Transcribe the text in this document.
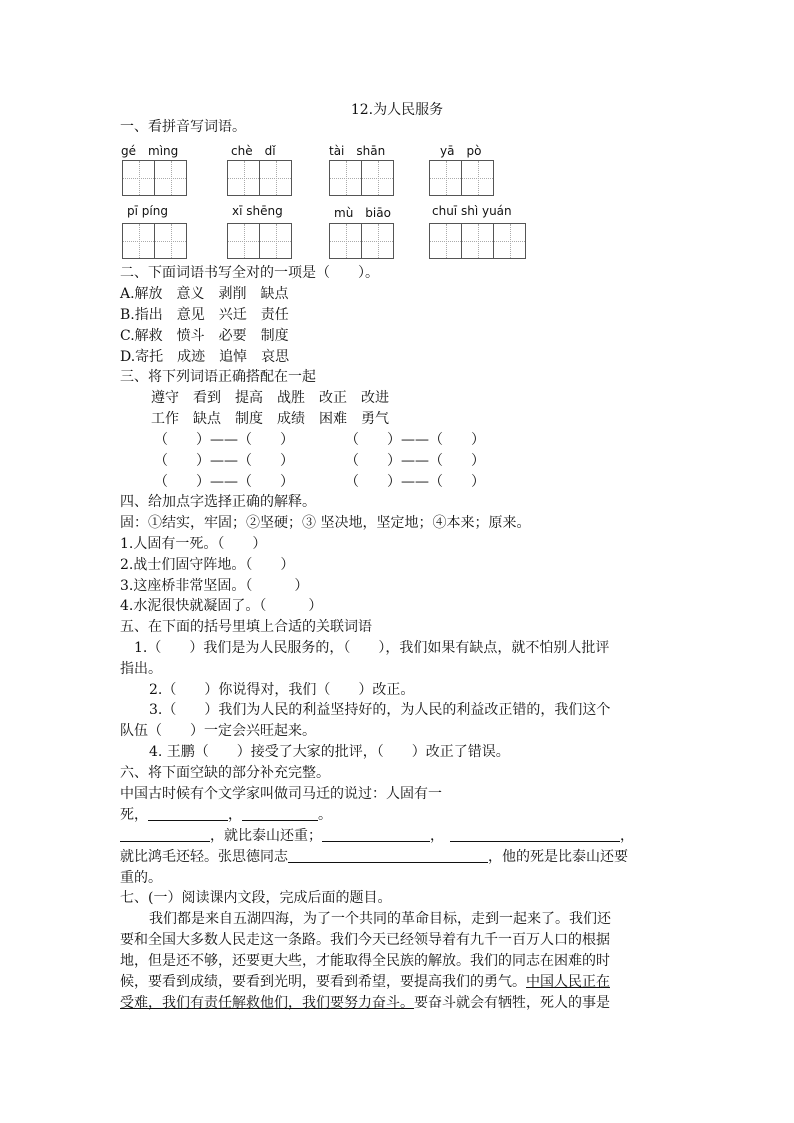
12.为人民服务
一、看拼音写词语。
gé　mìng	chè　dǐ	tài　shān	yā　pò
pī píng	xī shēng	mù　biāo	chuī shì yuán
二、下面词语书写全对的一项是（　　）。
A.解放　意义　剥削　缺点
B.指出　意见　兴迁　责任
C.解救　愤斗　必要　制度
D.寄托　成迹　追悼　哀思
三、将下列词语正确搭配在一起
遵守　看到　提高　战胜　改正　改进
工作　缺点　制度　成绩　困难　勇气
（　　）——（　　）	（　　）——（　　）
（　　）——（　　）	（　　）——（　　）
（　　）——（　　）	（　　）——（　　）
四、给加点字选择正确的解释。
固：①结实，牢固；②坚硬；③ 坚决地，坚定地；④本来；原来。
1.人固有一死。（　　）
2.战士们固守阵地。（　　）
3.这座桥非常坚固。（　　　）
4.水泥很快就凝固了。（　　　）
五、在下面的括号里填上合适的关联词语
1.（　　）我们是为人民服务的，（　　），我们如果有缺点，就不怕别人批评
指出。
2.（　　）你说得对，我们（　　）改正。
3.（　　）我们为人民的利益坚持好的，为人民的利益改正错的，我们这个
队伍（　　）一定会兴旺起来。
4. 王鹏（　　）接受了大家的批评，（　　）改正了错误。
六、将下面空缺的部分补充完整。
中国古时候有个文学家叫做司马迁的说过：人固有一
死，	，	。
，就比泰山还重；	，	，
就比鸿毛还轻。张思德同志	，他的死是比泰山还要
重的。
七、(一）阅读课内文段，完成后面的题目。
我们都是来自五湖四海，为了一个共同的革命目标，走到一起来了。我们还
要和全国大多数人民走这一条路。我们今天已经领导着有九千一百万人口的根据
地，但是还不够，还要更大些，才能取得全民族的解放。我们的同志在困难的时
候，要看到成绩，要看到光明，要看到希望，要提高我们的勇气。中国人民正在
受难，我们有责任解救他们，我们要努力奋斗。要奋斗就会有牺牲，死人的事是
